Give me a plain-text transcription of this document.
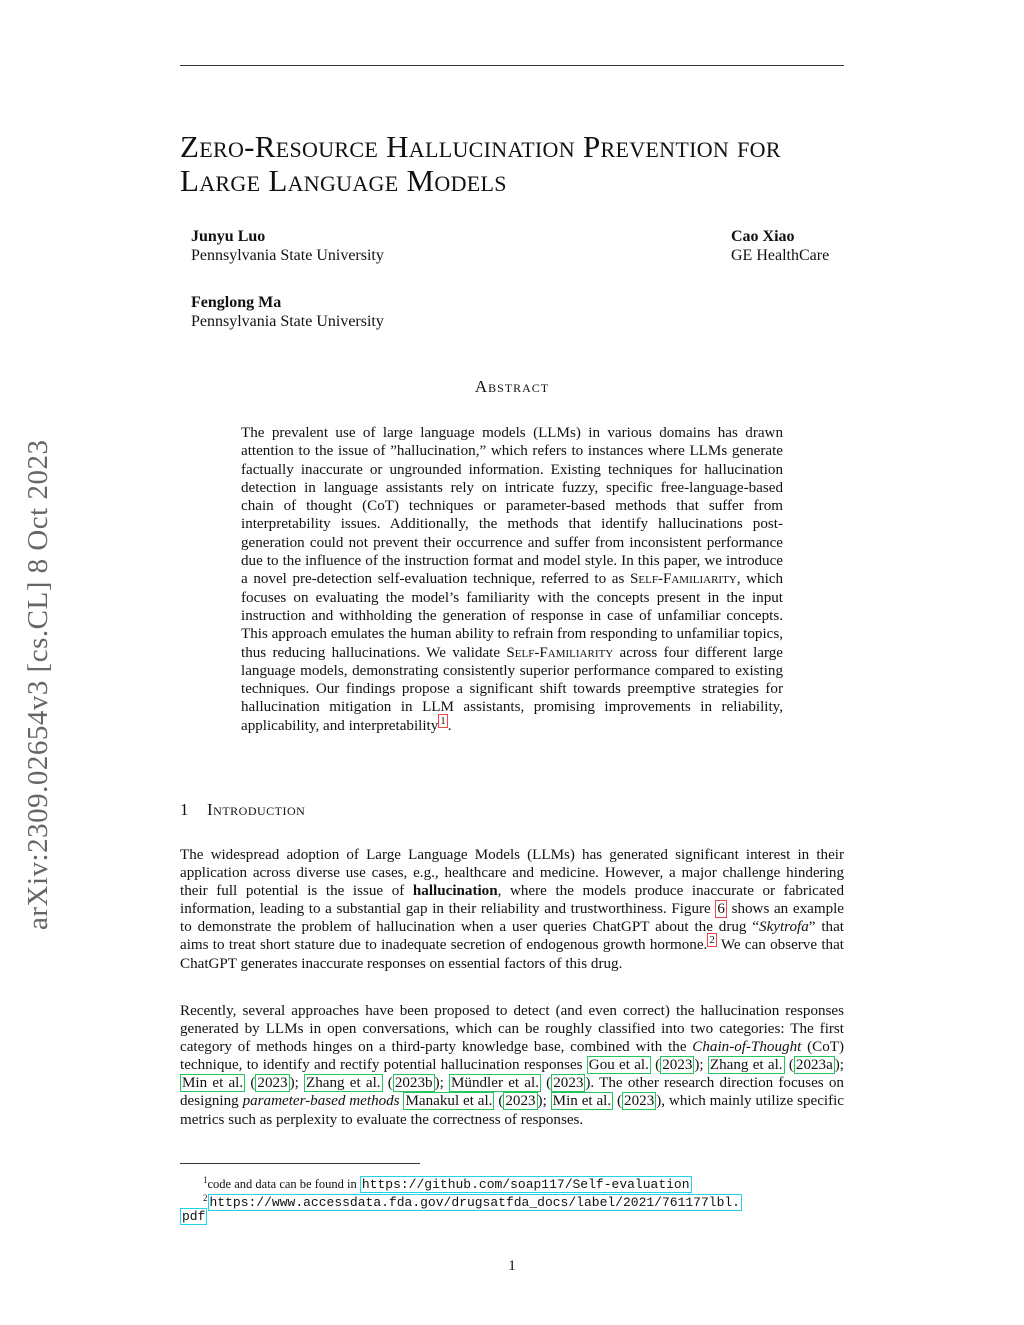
Zero-Resource Hallucination Prevention for
Large Language Models
Junyu Luo
Pennsylvania State University
Cao Xiao
GE HealthCare
Fenglong Ma
Pennsylvania State University
arXiv:2309.02654v3 [cs.CL] 8 Oct 2023
Abstract
The prevalent use of large language models (LLMs) in various domains has drawn attention to the issue of ”hallucination,” which refers to instances where LLMs generate factually inaccurate or ungrounded information. Existing techniques for hallucination detection in language assistants rely on intricate fuzzy, specific free-language-based chain of thought (CoT) techniques or parameter-based methods that suffer from interpretability issues. Additionally, the methods that identify hallucinations post-generation could not prevent their occurrence and suffer from inconsistent performance due to the influence of the instruction format and model style. In this paper, we introduce a novel pre-detection self-evaluation technique, referred to as Self-Familiarity, which focuses on evaluating the model’s familiarity with the concepts present in the input instruction and withholding the generation of response in case of unfamiliar concepts. This approach emulates the human ability to refrain from responding to unfamiliar topics, thus reducing hallucinations. We validate Self-Familiarity across four different large language models, demonstrating consistently superior performance compared to existing techniques. Our findings propose a significant shift towards preemptive strategies for hallucination mitigation in LLM assistants, promising improvements in reliability, applicability, and interpretability $^1$ .
1 Introduction
The widespread adoption of Large Language Models (LLMs) has generated significant interest in their application across diverse use cases, e.g., healthcare and medicine. However, a major challenge hindering their full potential is the issue of hallucination, where the models produce inaccurate or fabricated information, leading to a substantial gap in their reliability and trustworthiness. Figure 6 shows an example to demonstrate the problem of hallucination when a user queries ChatGPT about the drug “Skytrofa” that aims to treat short stature due to inadequate secretion of endogenous growth hormone. $^2$ We can observe that ChatGPT generates inaccurate responses on essential factors of this drug.
Recently, several approaches have been proposed to detect (and even correct) the hallucination responses generated by LLMs in open conversations, which can be roughly classified into two categories: The first category of methods hinges on a third-party knowledge base, combined with the Chain-of-Thought (CoT) technique, to identify and rectify potential hallucination responses Gou et al. ( 2023 ); Zhang et al. ( 2023a ); Min et al. ( 2023 ); Zhang et al. ( 2023b ); Mündler et al. ( 2023 ). The other research direction focuses on designing parameter-based methods Manakul et al. ( 2023 ); Min et al. ( 2023 ), which mainly utilize specific metrics such as perplexity to evaluate the correctness of responses.
$^1$code and data can be found in https://github.com/soap117/Self-evaluation
$^2$ https://www.accessdata.fda.gov/drugsatfda_docs/label/2021/761177lbl.
pdf
1
